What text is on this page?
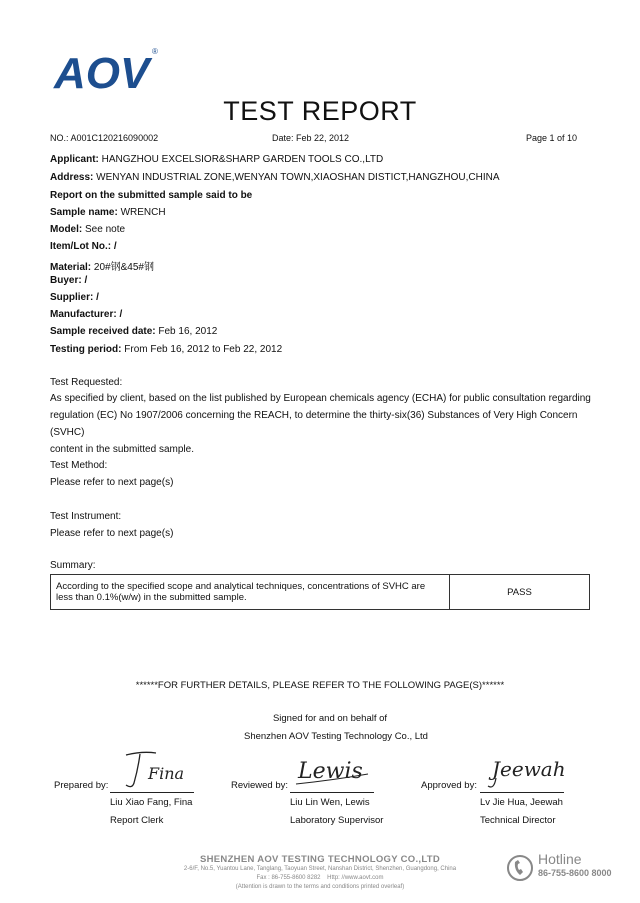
AOV ®
TEST REPORT
NO.: A001C120216090002	Date: Feb 22, 2012	Page 1 of 10
Applicant: HANGZHOU EXCELSIOR&SHARP GARDEN TOOLS CO.,LTD
Address: WENYAN INDUSTRIAL ZONE,WENYAN TOWN,XIAOSHAN DISTICT,HANGZHOU,CHINA
Report on the submitted sample said to be
Sample name: WRENCH
Model: See note
Item/Lot No.: /
Material: 20#钢&45#钢
Buyer: /
Supplier: /
Manufacturer: /
Sample received date: Feb 16, 2012
Testing period: From Feb 16, 2012 to Feb 22, 2012
Test Requested:
As specified by client, based on the list published by European chemicals agency (ECHA) for public consultation regarding
regulation (EC) No 1907/2006 concerning the REACH, to determine the thirty-six(36) Substances of Very High Concern (SVHC)
content in the submitted sample.
Test Method:
Please refer to next page(s)
Test Instrument:
Please refer to next page(s)
Summary:
According to the specified scope and analytical techniques, concentrations of SVHC are
less than 0.1%(w/w) in the submitted sample.	PASS
******FOR FURTHER DETAILS, PLEASE REFER TO THE FOLLOWING PAGE(S)******
Signed for and on behalf of
Shenzhen AOV Testing Technology Co., Ltd
Prepared by:
Fina
Liu Xiao Fang, Fina
Report Clerk
Reviewed by:
Lewis
Liu Lin Wen, Lewis
Laboratory Supervisor
Approved by:
Jeewah
Lv Jie Hua, Jeewah
Technical Director
SHENZHEN AOV TESTING TECHNOLOGY CO.,LTD
2-6/F, No.5, Yuantou Lane, Tanglang, Taoyuan Street, Nanshan District, Shenzhen, Guangdong, China
Fax : 86-755-8600 8282 Http: //www.aovt.com
(Attention is drawn to the terms and conditions printed overleaf)
Hotline
86-755-8600 8000
